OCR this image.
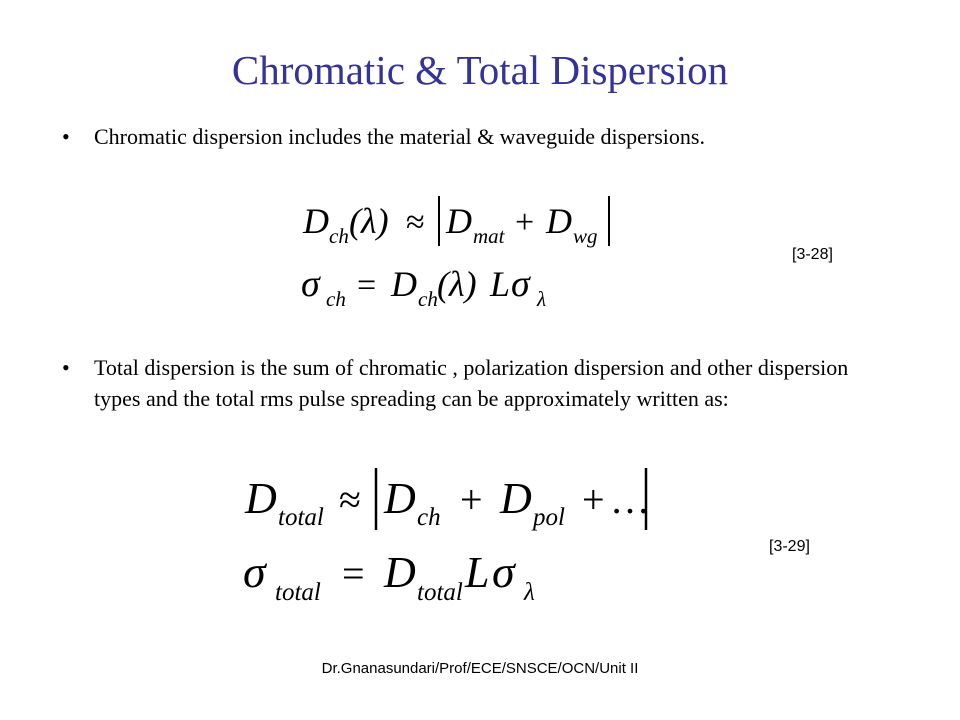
Chromatic & Total Dispersion
• Chromatic dispersion includes the material & waveguide dispersions.
• Total dispersion is the sum of chromatic , polarization dispersion and other dispersion types and the total rms pulse spreading can be approximately written as:
[3-28]
[3-29]
D ch (λ) ≈ D mat + D wg
σ ch = D ch (λ) L σ λ
D total ≈ D ch + D pol + …
σ total = D total L σ λ
Dr.Gnanasundari/Prof/ECE/SNSCE/OCN/Unit II
